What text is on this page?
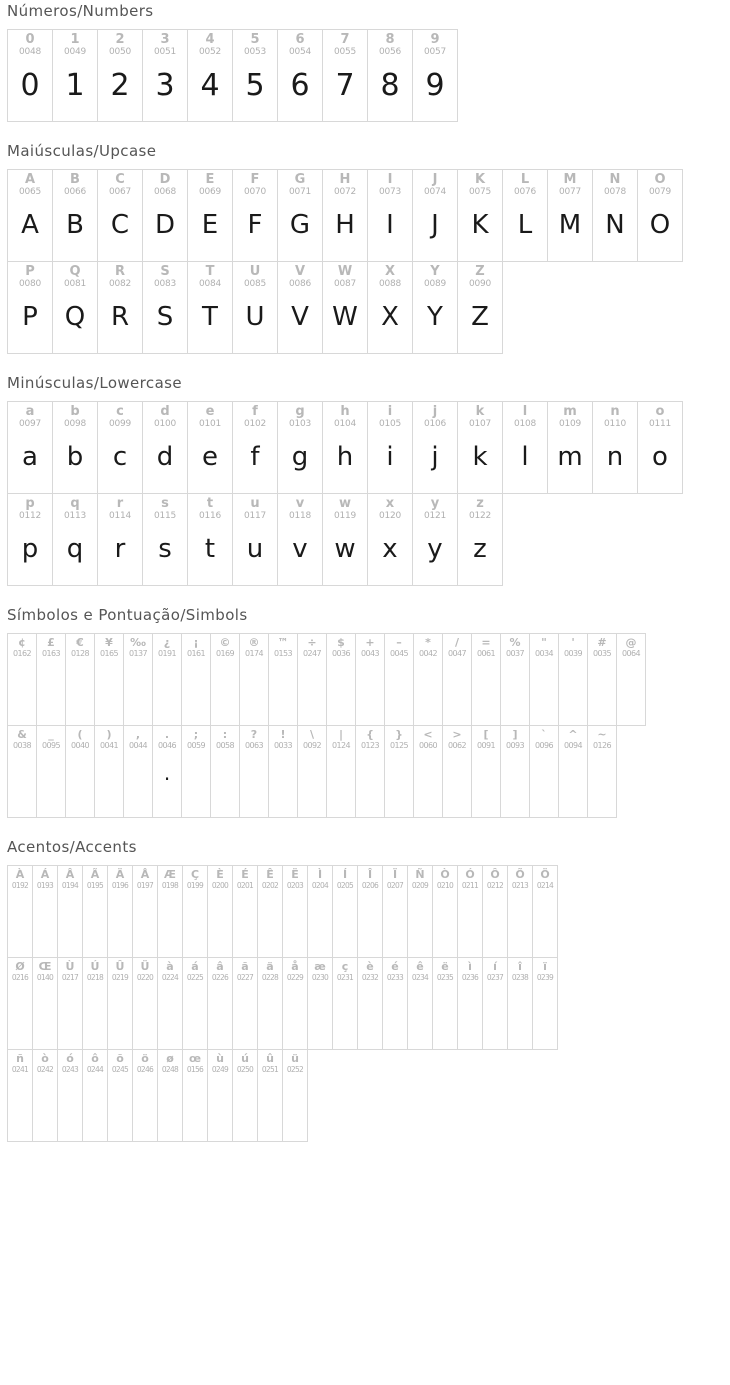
Números/Numbers
0
0048
0
1
0049
1
2
0050
2
3
0051
3
4
0052
4
5
0053
5
6
0054
6
7
0055
7
8
0056
8
9
0057
9
Maiúsculas/Upcase
A
0065
A
B
0066
B
C
0067
C
D
0068
D
E
0069
E
F
0070
F
G
0071
G
H
0072
H
I
0073
I
J
0074
J
K
0075
K
L
0076
L
M
0077
M
N
0078
N
O
0079
O
P
0080
P
Q
0081
Q
R
0082
R
S
0083
S
T
0084
T
U
0085
U
V
0086
V
W
0087
W
X
0088
X
Y
0089
Y
Z
0090
Z
Minúsculas/Lowercase
a
0097
a
b
0098
b
c
0099
c
d
0100
d
e
0101
e
f
0102
f
g
0103
g
h
0104
h
i
0105
i
j
0106
j
k
0107
k
l
0108
l
m
0109
m
n
0110
n
o
0111
o
p
0112
p
q
0113
q
r
0114
r
s
0115
s
t
0116
t
u
0117
u
v
0118
v
w
0119
w
x
0120
x
y
0121
y
z
0122
z
Símbolos e Pontuação/Simbols
¢
0162
£
0163
€
0128
¥
0165
‰
0137
¿
0191
¡
0161
©
0169
®
0174
™
0153
÷
0247
$
0036
+
0043
–
0045
*
0042
/
0047
=
0061
%
0037
"
0034
'
0039
#
0035
@
0064
&
0038
_
0095
(
0040
)
0041
,
0044
.
0046
·
;
0059
:
0058
?
0063
!
0033
\
0092
|
0124
{
0123
}
0125
<
0060
>
0062
[
0091
]
0093
`
0096
^
0094
~
0126
Acentos/Accents
À
0192
Á
0193
Â
0194
Ã
0195
Ä
0196
Å
0197
Æ
0198
Ç
0199
È
0200
É
0201
Ê
0202
Ë
0203
Ì
0204
Í
0205
Î
0206
Ï
0207
Ñ
0209
Ò
0210
Ó
0211
Ô
0212
Õ
0213
Ö
0214
Ø
0216
Œ
0140
Ù
0217
Ú
0218
Û
0219
Ü
0220
à
0224
á
0225
â
0226
ã
0227
ä
0228
å
0229
æ
0230
ç
0231
è
0232
é
0233
ê
0234
ë
0235
ì
0236
í
0237
î
0238
ï
0239
ñ
0241
ò
0242
ó
0243
ô
0244
õ
0245
ö
0246
ø
0248
œ
0156
ù
0249
ú
0250
û
0251
ü
0252
